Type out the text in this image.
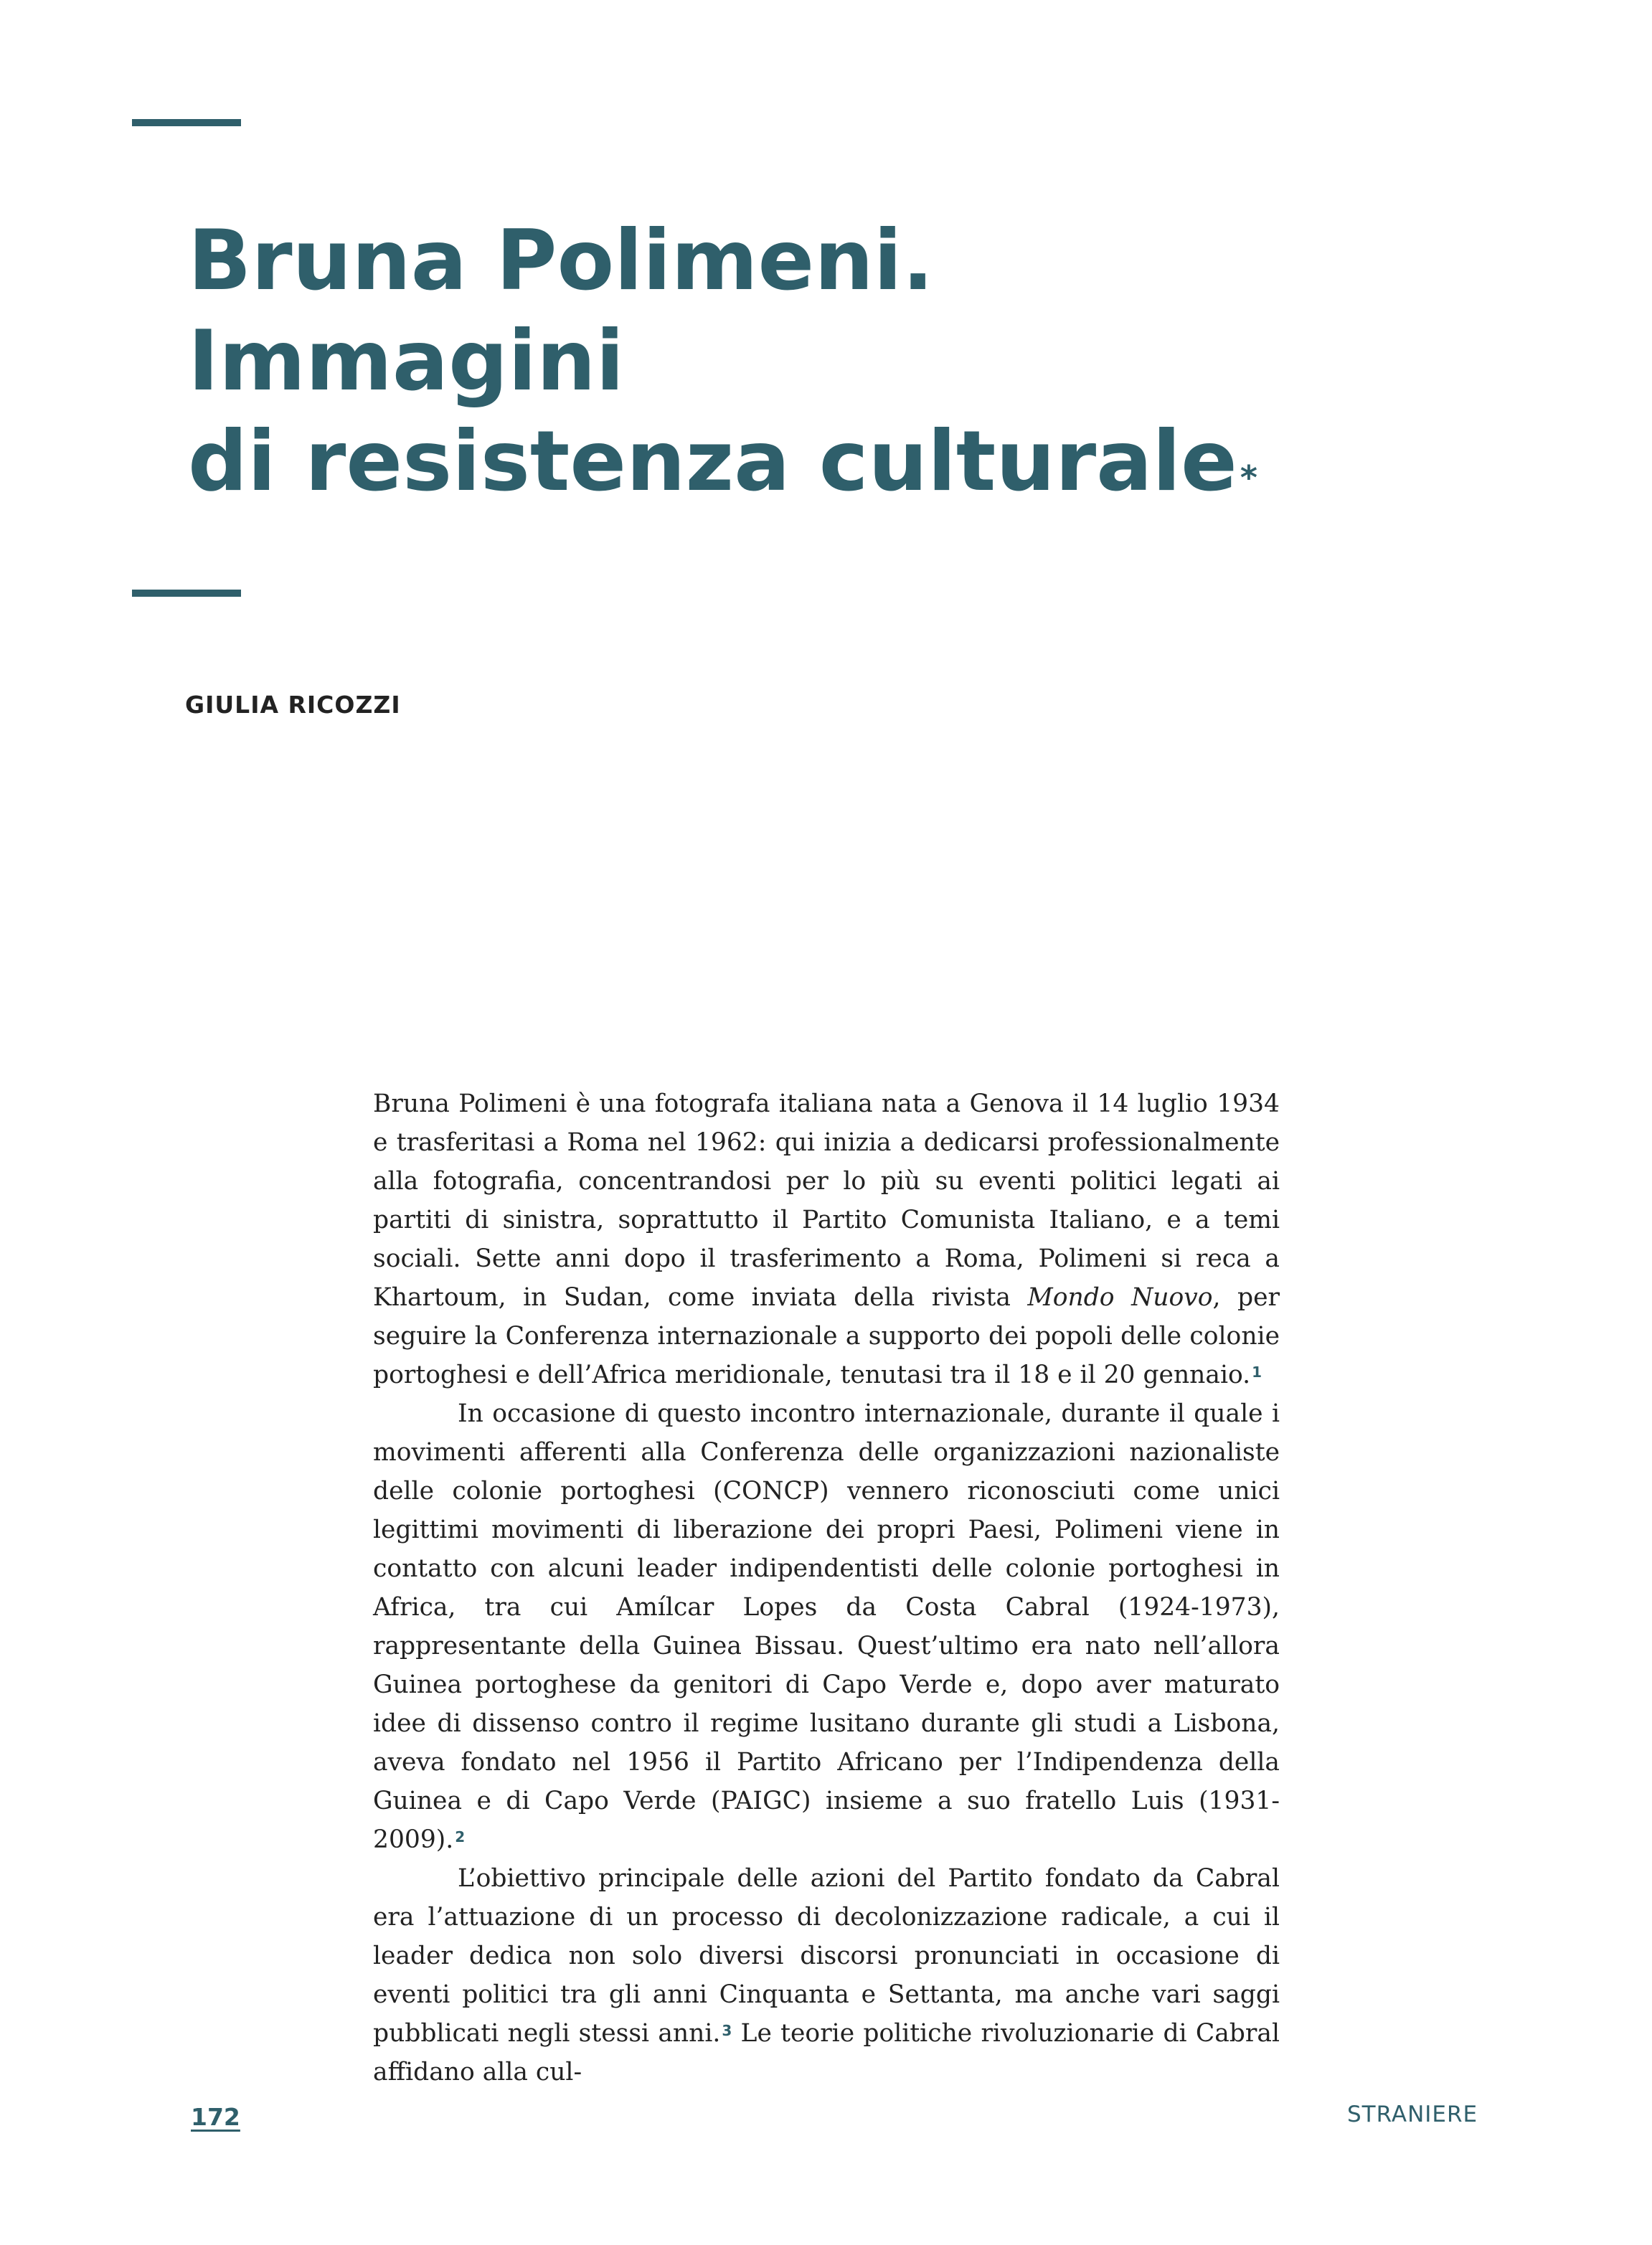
Bruna Polimeni.
Immagini
di resistenza culturale*

GIULIA RICOZZI

Bruna Polimeni è una fotografa italiana nata a Genova il 14 luglio 1934 e trasferitasi a Roma nel 1962: qui inizia a dedicarsi professionalmente alla fotografia, concentrandosi per lo più su eventi politici legati ai partiti di sinistra, soprattutto il Partito Comunista Italiano, e a temi sociali. Sette anni dopo il trasferimento a Roma, Polimeni si reca a Khartoum, in Sudan, come inviata della rivista Mondo Nuovo, per seguire la Conferenza internazionale a supporto dei popoli delle colonie portoghesi e dell’Africa meridionale, tenutasi tra il 18 e il 20 gennaio. $^1$

In occasione di questo incontro internazionale, durante il quale i movimenti afferenti alla Conferenza delle organizzazioni nazionaliste delle colonie portoghesi (CONCP) vennero riconosciuti come unici legittimi movimenti di liberazione dei propri Paesi, Polimeni viene in contatto con alcuni leader indipendentisti delle colonie portoghesi in Africa, tra cui Amílcar Lopes da Costa Cabral (1924-1973), rappresentante della Guinea Bissau. Quest’ultimo era nato nell’allora Guinea portoghese da genitori di Capo Verde e, dopo aver maturato idee di dissenso contro il regime lusitano durante gli studi a Lisbona, aveva fondato nel 1956 il Partito Africano per l’Indipendenza della Guinea e di Capo Verde (PAIGC) insieme a suo fratello Luis (1931-2009). $^2$

L’obiettivo principale delle azioni del Partito fondato da Cabral era l’attuazione di un processo di decolonizzazione radicale, a cui il leader dedica non solo diversi discorsi pronunciati in occasione di eventi politici tra gli anni Cinquanta e Settanta, ma anche vari saggi pubblicati negli stessi anni. $^3$ Le teorie politiche rivoluzionarie di Cabral affidano alla cul-

172	STRANIERE
